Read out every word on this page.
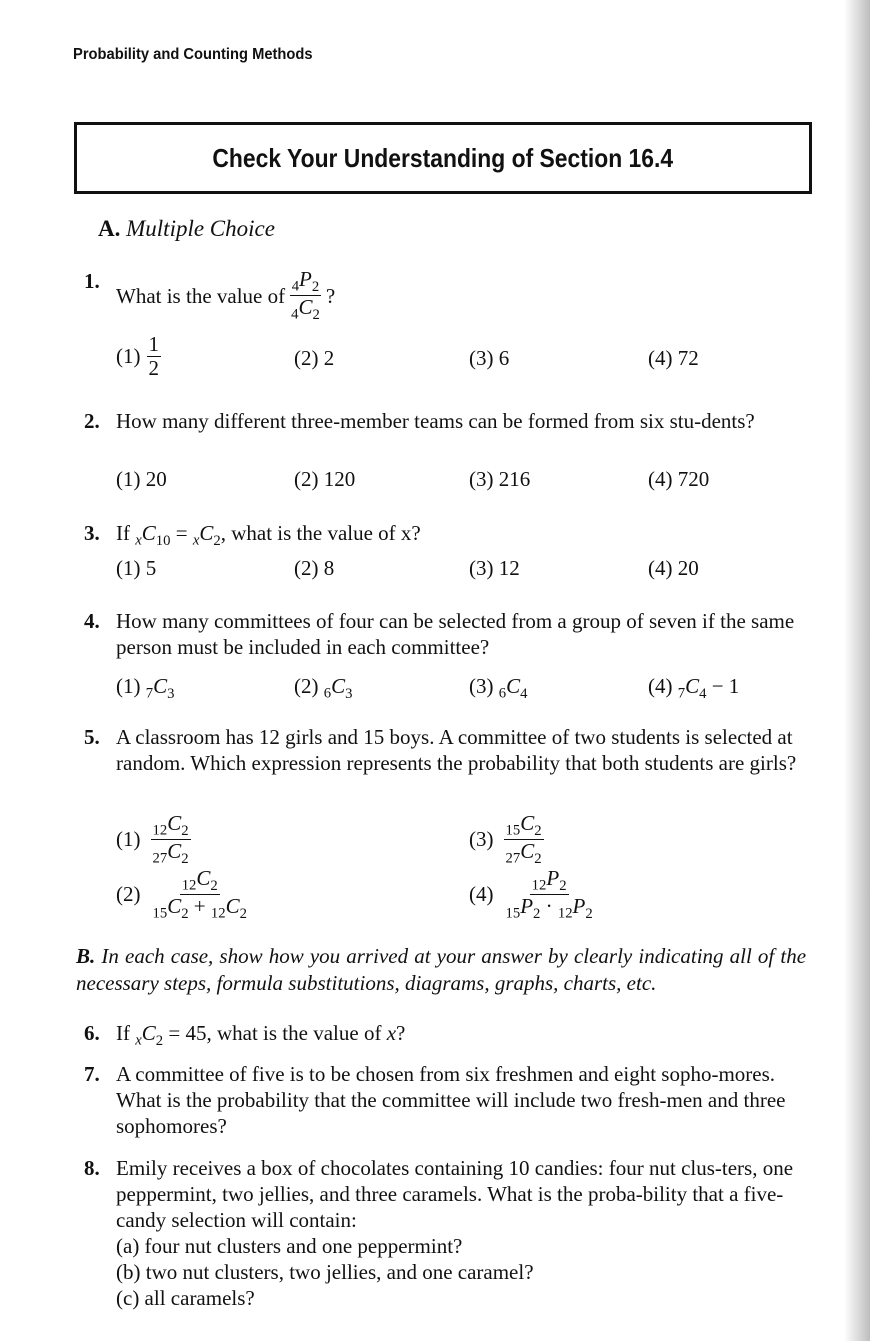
Probability and Counting Methods
Check Your Understanding of Section 16.4
A. Multiple Choice
1.
What is the value of $\frac{_4P_2}{_4C_2}$ ?
$(1) \frac{1}{2}$	(2) 2	(3) 6	(4) 72
2. How many different three-member teams can be formed from six stu-dents?
(1) 20	(2) 120	(3) 216	(4) 720
3. If $_xC_{10} = _xC_2$, what is the value of x?
(1) 5	(2) 8	(3) 12	(4) 20
4. How many committees of four can be selected from a group of seven if the same person must be included in each committee?
(1) $_7C_3$	(2) $_6C_3$	(3) $_6C_4$	(4) $_7C_4 - 1$
5. A classroom has 12 girls and 15 boys. A committee of two students is selected at random. Which expression represents the probability that both students are girls?
$(1) \frac{_{12}C_2}{_{27}C_2}$
$(2) \frac{_{12}C_2}{_{15}C_2 + _{12}C_2}$
$(3) \frac{_{15}C_2}{_{27}C_2}$
$(4) \frac{_{12}P_2}{_{15}P_2 \cdot _{12}P_2}$
B. In each case, show how you arrived at your answer by clearly indicating all of the necessary steps, formula substitutions, diagrams, graphs, charts, etc.
6. If $_xC_2 = 45$, what is the value of x?
7. A committee of five is to be chosen from six freshmen and eight sopho-mores. What is the probability that the committee will include two fresh-men and three sophomores?
8. Emily receives a box of chocolates containing 10 candies: four nut clus-ters, one peppermint, two jellies, and three caramels. What is the proba-bility that a five-candy selection will contain:
(a) four nut clusters and one peppermint?
(b) two nut clusters, two jellies, and one caramel?
(c) all caramels?
